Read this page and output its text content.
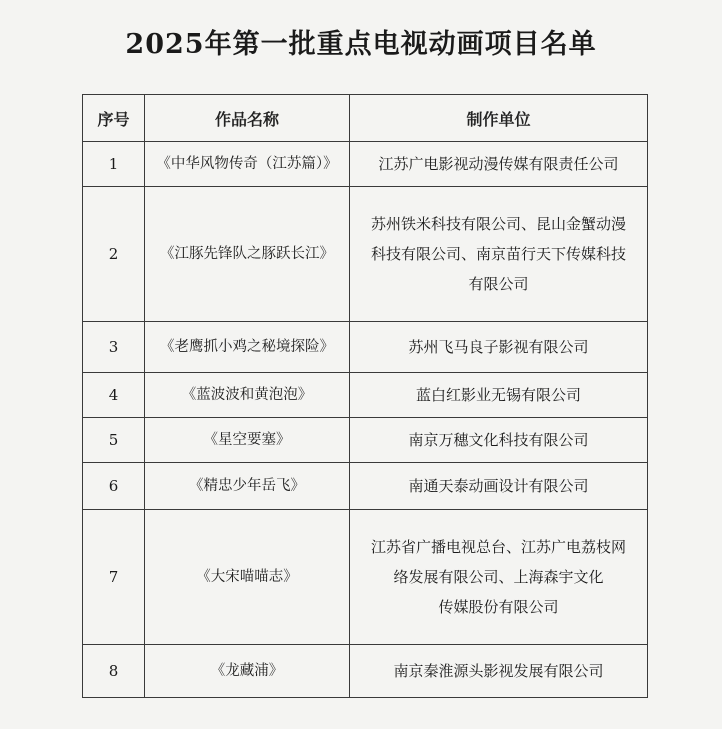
2025年第一批重点电视动画项目名单
序号	作品名称	制作单位
1	《中华风物传奇（江苏篇）》	江苏广电影视动漫传媒有限责任公司

2	《江豚先锋队之豚跃长江》	苏州铁米科技有限公司、昆山金蟹动漫
科技有限公司、南京苗行天下传媒科技
有限公司

3	《老鹰抓小鸡之秘境探险》	苏州飞马良子影视有限公司

4	《蓝波波和黄泡泡》	蓝白红影业无锡有限公司

5	《星空要塞》	南京万穗文化科技有限公司

6	《精忠少年岳飞》	南通天泰动画设计有限公司

7	《大宋喵喵志》	江苏省广播电视总台、江苏广电荔枝网
络发展有限公司、上海森宇文化
传媒股份有限公司

8	《龙藏浦》	南京秦淮源头影视发展有限公司
